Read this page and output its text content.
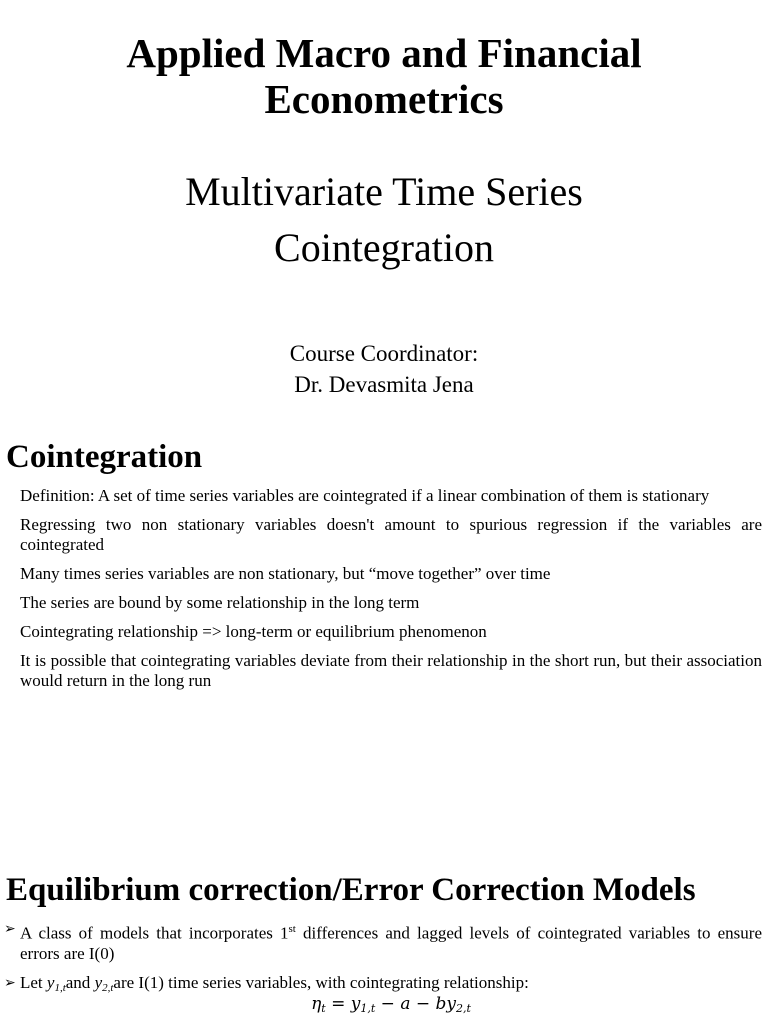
Applied Macro and Financial
Econometrics
Multivariate Time Series
Cointegration
Course Coordinator:
Dr. Devasmita Jena
Cointegration
Definition: A set of time series variables are cointegrated if a linear combination of them is stationary
Regressing two non stationary variables doesn't amount to spurious regression if the variables are cointegrated
Many times series variables are non stationary, but “move together” over time
The series are bound by some relationship in the long term
Cointegrating relationship => long-term or equilibrium phenomenon
It is possible that cointegrating variables deviate from their relationship in the short run, but their association would return in the long run
Equilibrium correction/Error Correction Models
➢ A class of models that incorporates 1st differences and lagged levels of cointegrated variables to ensure errors are I(0)
➢ Let $y_{1,t}and$ $y_{2,t}are$ I(1) time series variables, with cointegrating relationship:
$\eta_t = y_{1,t} - a - by_{2,t}$
